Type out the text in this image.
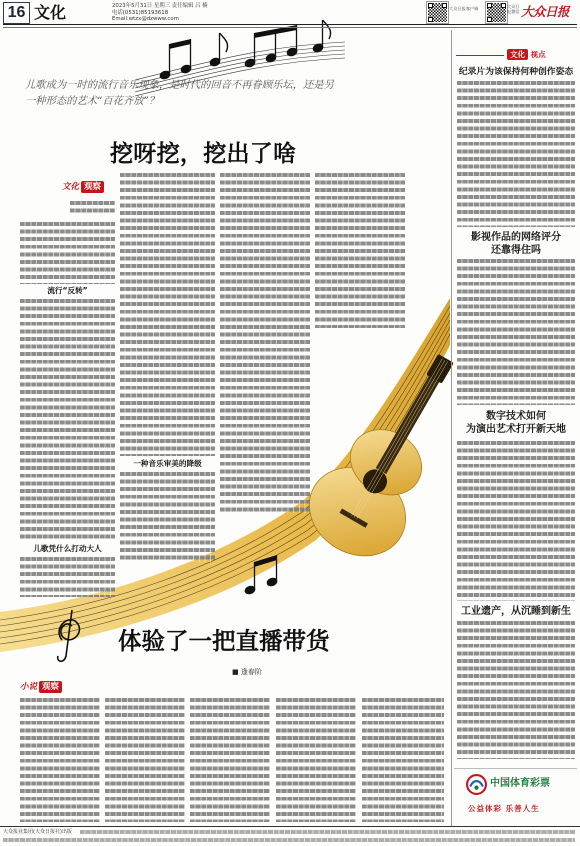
16 文化	2023年5月31日 星期三 责任编辑 吕 楠
电话(0531)85193618
Email:wtzx@dzwww.com
大众日报客户端	大众日报微信 大众日报
儿歌成为一时的流行音乐现象，是时代的回音不再眷顾乐坛，还是另
一种形态的艺术“百花齐放”？
挖呀挖，挖出了啥
文化 观察
流行“反转”
儿歌凭什么打动大人
一种音乐审美的降级
体验了一把直播带货
■ 逢春阶
小说 观察
文化 视点
纪录片为该保持何种创作姿态
影视作品的网络评分
还靠得住吗
数字技术如何
为演出艺术打开新天地
工业遗产，从沉睡到新生
中国体育彩票
公益体彩 乐善人生
大众报业集团(大众日报社)出版
